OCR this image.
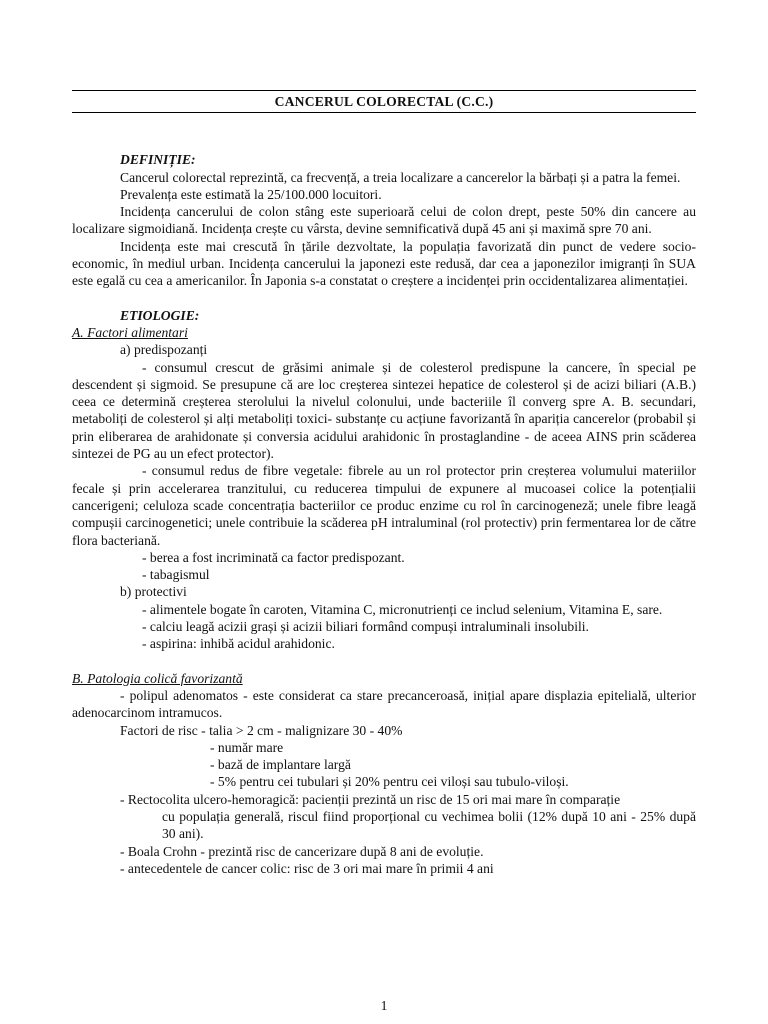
CANCERUL COLORECTAL (C.C.)
DEFINIȚIE:

Cancerul colorectal reprezintă, ca frecvență, a treia localizare a cancerelor la bărbați și a patra la femei.

Prevalența este estimată la 25/100.000 locuitori.

Incidența cancerului de colon stâng este superioară celui de colon drept, peste 50% din cancere au localizare sigmoidiană. Incidența crește cu vârsta, devine semnificativă după 45 ani și maximă spre 70 ani.

Incidența este mai crescută în țările dezvoltate, la populația favorizată din punct de vedere socio-economic, în mediul urban. Incidența cancerului la japonezi este redusă, dar cea a japonezilor imigranți în SUA este egală cu cea a americanilor. În Japonia s-a constatat o creștere a incidenței prin occidentalizarea alimentației.

ETIOLOGIE:
A. Factori alimentari

a) predispozanți

- consumul crescut de grăsimi animale și de colesterol predispune la cancere, în special pe descendent și sigmoid. Se presupune că are loc creșterea sintezei hepatice de colesterol și de acizi biliari (A.B.) ceea ce determină creșterea sterolului la nivelul colonului, unde bacteriile îl converg spre A. B. secundari, metaboliți de colesterol și alți metaboliți toxici- substanțe cu acțiune favorizantă în apariția cancerelor (probabil și prin eliberarea de arahidonate și conversia acidului arahidonic în prostaglandine - de aceea AINS prin scăderea sintezei de PG au un efect protector).

- consumul redus de fibre vegetale: fibrele au un rol protector prin creșterea volumului materiilor fecale și prin accelerarea tranzitului, cu reducerea timpului de expunere al mucoasei colice la potențialii cancerigeni; celuloza scade concentrația bacteriilor ce produc enzime cu rol în carcinogeneză; unele fibre leagă compușii carcinogenetici; unele contribuie la scăderea pH intraluminal (rol protectiv) prin fermentarea lor de către flora bacteriană.

- berea a fost incriminată ca factor predispozant.

- tabagismul

b) protectivi

- alimentele bogate în caroten, Vitamina C, micronutrienți ce includ selenium, Vitamina E, sare.

- calciu leagă acizii grași și acizii biliari formând compuși intraluminali insolubili.

- aspirina: inhibă acidul arahidonic.

B. Patologia colică favorizantă

- polipul adenomatos - este considerat ca stare precanceroasă, inițial apare displazia epitelială, ulterior adenocarcinom intramucos.

Factori de risc - talia > 2 cm - malignizare 30 - 40%

- număr mare

- bază de implantare largă

- 5% pentru cei tubulari și 20% pentru cei viloși sau tubulo-viloși.

- Rectocolita ulcero-hemoragică: pacienții prezintă un risc de 15 ori mai mare în comparație

cu populația generală, riscul fiind proporțional cu vechimea bolii (12% după 10 ani - 25% după 30 ani).

- Boala Crohn - prezintă risc de cancerizare după 8 ani de evoluție.

- antecedentele de cancer colic: risc de 3 ori mai mare în primii 4 ani

1
